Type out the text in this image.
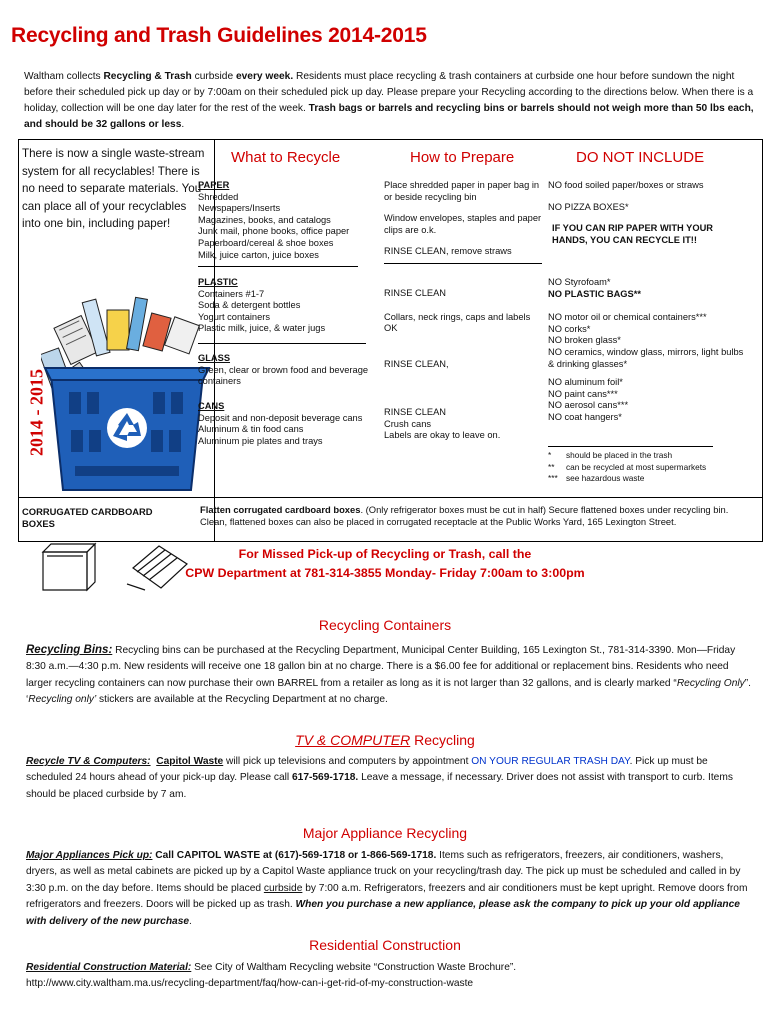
Recycling and Trash Guidelines 2014-2015
Waltham collects Recycling & Trash curbside every week. Residents must place recycling & trash containers at curbside one hour before sundown the night before their scheduled pick up day or by 7:00am on their scheduled pick up day. Please prepare your Recycling according to the directions below. When there is a holiday, collection will be one day later for the rest of the week. Trash bags or barrels and recycling bins or barrels should not weigh more than 50 lbs each, and should be 32 gallons or less.
There is now a single waste-stream system for all recyclables! There is no need to separate materials. You can place all of your recyclables into one bin, including paper!
2014 - 2015
What to Recycle	How to Prepare	DO NOT INCLUDE
PAPER
Shredded
Newspapers/Inserts
Magazines, books, and catalogs
Junk mail, phone books, office paper
Paperboard/cereal & shoe boxes
Milk, juice carton, juice boxes
Place shredded paper in paper bag in or beside recycling bin
Window envelopes, staples and paper clips are o.k.
RINSE CLEAN, remove straws
NO food soiled paper/boxes or straws
NO PIZZA BOXES*
IF YOU CAN RIP PAPER WITH YOUR HANDS, YOU CAN RECYCLE IT!!
PLASTIC
Containers #1-7
Soda & detergent bottles
Yogurt containers
Plastic milk, juice, & water jugs
RINSE CLEAN
Collars, neck rings, caps and labels OK
NO Styrofoam*
NO PLASTIC BAGS**
NO motor oil or chemical containers***
NO corks*
NO broken glass*
NO ceramics, window glass, mirrors, light bulbs & drinking glasses*
GLASS
Green, clear or brown food and beverage containers
RINSE CLEAN,
CANS
Deposit and non-deposit beverage cans
Aluminum & tin food cans
Aluminum pie plates and trays
RINSE CLEAN
Crush cans
Labels are okay to leave on.
NO aluminum foil*
NO paint cans***
NO aerosol cans***
NO coat hangers*
* should be placed in the trash
** can be recycled at most supermarkets
*** see hazardous waste
CORRUGATED CARDBOARD BOXES
Flatten corrugated cardboard boxes. (Only refrigerator boxes must be cut in half) Secure flattened boxes under recycling bin. Clean, flattened boxes can also be placed in corrugated receptacle at the Public Works Yard, 165 Lexington Street.
For Missed Pick-up of Recycling or Trash, call the
CPW Department at 781-314-3855 Monday- Friday 7:00am to 3:00pm
Recycling Containers
Recycling Bins: Recycling bins can be purchased at the Recycling Department, Municipal Center Building, 165 Lexington St., 781-314-3390. Mon—Friday 8:30 a.m.—4:30 p.m. New residents will receive one 18 gallon bin at no charge. There is a $6.00 fee for additional or replacement bins. Residents who need larger recycling containers can now purchase their own BARREL from a retailer as long as it is not larger than 32 gallons, and is clearly marked “Recycling Only”. ‘Recycling only’ stickers are available at the Recycling Department at no charge.
TV & COMPUTER Recycling
Recycle TV & Computers: Capitol Waste will pick up televisions and computers by appointment ON YOUR REGULAR TRASH DAY. Pick up must be scheduled 24 hours ahead of your pick-up day. Please call 617-569-1718. Leave a message, if necessary. Driver does not assist with transport to curb. Items should be placed curbside by 7 am.
Major Appliance Recycling
Major Appliances Pick up: Call CAPITOL WASTE at (617)-569-1718 or 1-866-569-1718. Items such as refrigerators, freezers, air conditioners, washers, dryers, as well as metal cabinets are picked up by a Capitol Waste appliance truck on your recycling/trash day. The pick up must be scheduled and called in by 3:30 p.m. on the day before. Items should be placed curbside by 7:00 a.m. Refrigerators, freezers and air conditioners must be kept upright. Remove doors from refrigerators and freezers. Doors will be picked up as trash. When you purchase a new appliance, please ask the company to pick up your old appliance with delivery of the new purchase.
Residential Construction
Residential Construction Material: See City of Waltham Recycling website “Construction Waste Brochure”.
http://www.city.waltham.ma.us/recycling-department/faq/how-can-i-get-rid-of-my-construction-waste
